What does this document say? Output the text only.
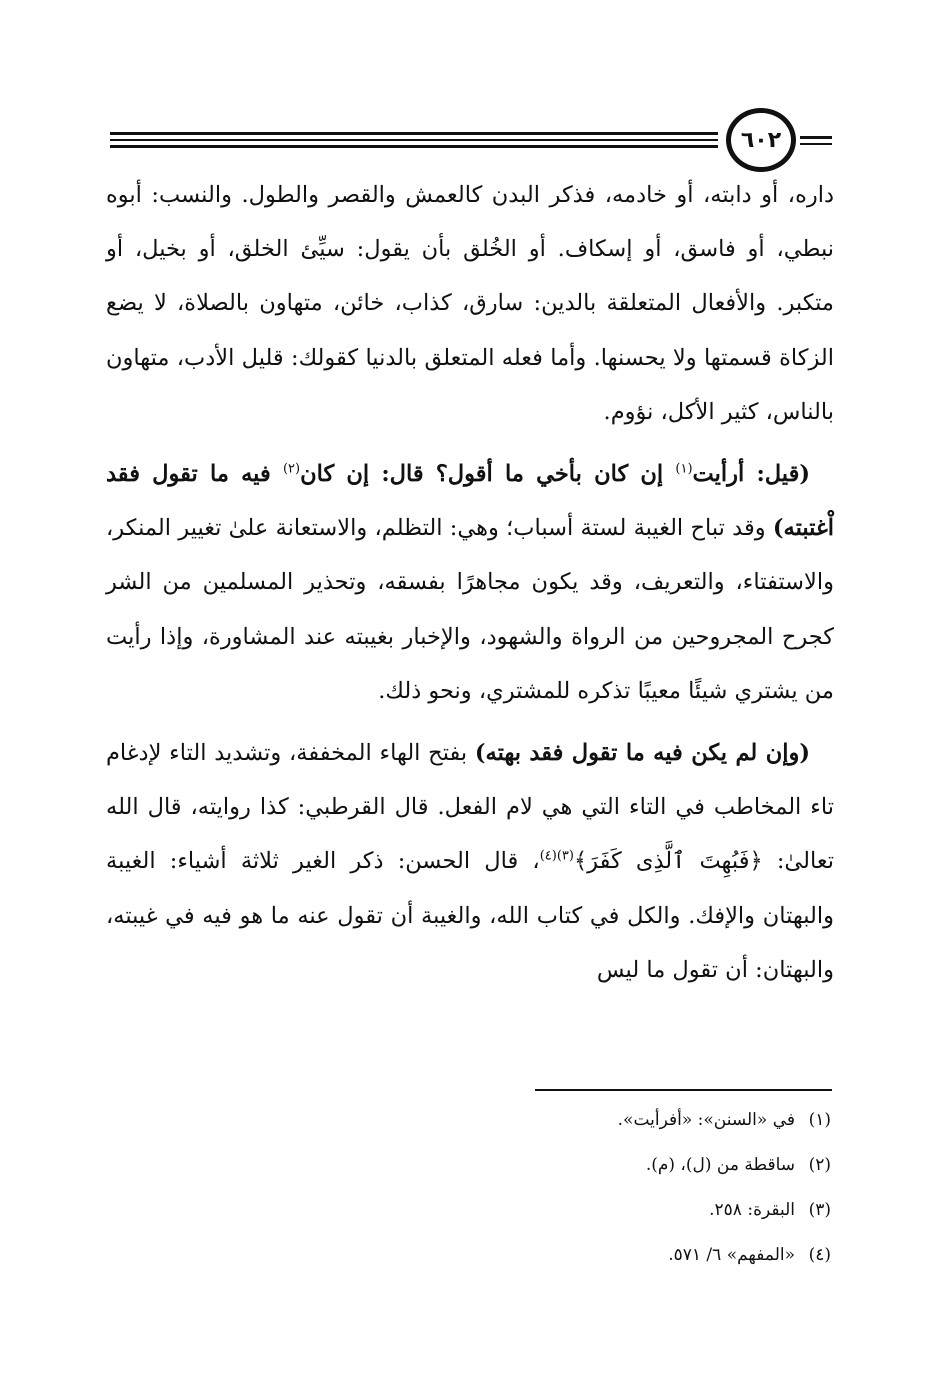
٦٠٢

داره، أو دابته، أو خادمه، فذكر البدن كالعمش والقصر والطول. والنسب: أبوه نبطي، أو فاسق، أو إسكاف. أو الخُلق بأن يقول: سيِّئ الخلق، أو بخيل، أو متكبر. والأفعال المتعلقة بالدين: سارق، كذاب، خائن، متهاون بالصلاة، لا يضع الزكاة قسمتها ولا يحسنها. وأما فعله المتعلق بالدنيا كقولك: قليل الأدب، متهاون بالناس، كثير الأكل، نؤوم.

(قيل: أرأيت$^{(١)}$ إن كان بأخي ما أقول؟ قال: إن كان$^{(٢)}$ فيه ما تقول فقد اْغتبته) وقد تباح الغيبة لستة أسباب؛ وهي: التظلم، والاستعانة علىٰ تغيير المنكر، والاستفتاء، والتعريف، وقد يكون مجاهرًا بفسقه، وتحذير المسلمين من الشر كجرح المجروحين من الرواة والشهود، والإخبار بغيبته عند المشاورة، وإذا رأيت من يشتري شيئًا معيبًا تذكره للمشتري، ونحو ذلك.

(وإن لم يكن فيه ما تقول فقد بهته) بفتح الهاء المخففة، وتشديد التاء لإدغام تاء المخاطب في التاء التي هي لام الفعل. قال القرطبي: كذا روايته، قال الله تعالىٰ: ﴿فَبُهِتَ ٱلَّذِى كَفَرَ﴾$^{(٣)(٤)}$، قال الحسن: ذكر الغير ثلاثة أشياء: الغيبة والبهتان والإفك. والكل في كتاب الله، والغيبة أن تقول عنه ما هو فيه في غيبته، والبهتان: أن تقول ما ليس

(١)في «السنن»: «أفرأيت».
(٢)ساقطة من (ل)، (م).
(٣)البقرة: ٢٥٨.
(٤)«المفهم» ٦/ ٥٧١.
